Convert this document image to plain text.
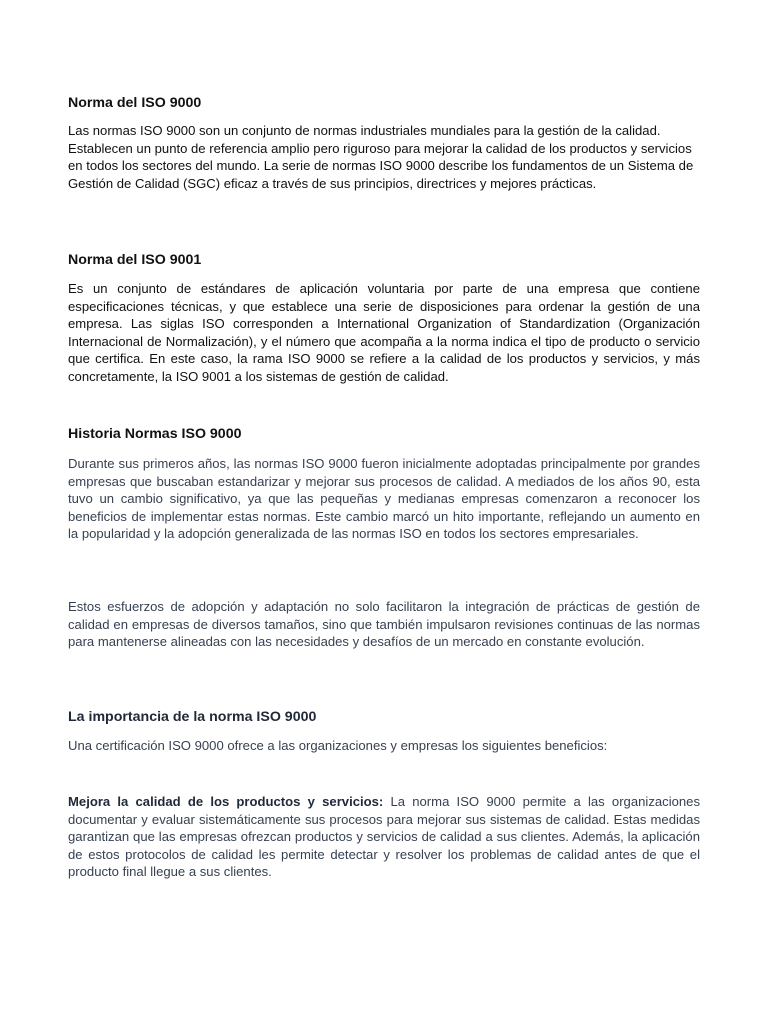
Norma del ISO 9000

Las normas ISO 9000 son un conjunto de normas industriales mundiales para la gestión de la calidad. Establecen un punto de referencia amplio pero riguroso para mejorar la calidad de los productos y servicios en todos los sectores del mundo. La serie de normas ISO 9000 describe los fundamentos de un Sistema de Gestión de Calidad (SGC) eficaz a través de sus principios, directrices y mejores prácticas.

Norma del ISO 9001

Es un conjunto de estándares de aplicación voluntaria por parte de una empresa que contiene especificaciones técnicas, y que establece una serie de disposiciones para ordenar la gestión de una empresa. Las siglas ISO corresponden a International Organization of Standardization (Organización Internacional de Normalización), y el número que acompaña a la norma indica el tipo de producto o servicio que certifica. En este caso, la rama ISO 9000 se refiere a la calidad de los productos y servicios, y más concretamente, la ISO 9001 a los sistemas de gestión de calidad.

Historia Normas ISO 9000

Durante sus primeros años, las normas ISO 9000 fueron inicialmente adoptadas principalmente por grandes empresas que buscaban estandarizar y mejorar sus procesos de calidad. A mediados de los años 90, esta tuvo un cambio significativo, ya que las pequeñas y medianas empresas comenzaron a reconocer los beneficios de implementar estas normas. Este cambio marcó un hito importante, reflejando un aumento en la popularidad y la adopción generalizada de las normas ISO en todos los sectores empresariales.

Estos esfuerzos de adopción y adaptación no solo facilitaron la integración de prácticas de gestión de calidad en empresas de diversos tamaños, sino que también impulsaron revisiones continuas de las normas para mantenerse alineadas con las necesidades y desafíos de un mercado en constante evolución.

La importancia de la norma ISO 9000

Una certificación ISO 9000 ofrece a las organizaciones y empresas los siguientes beneficios:

Mejora la calidad de los productos y servicios: La norma ISO 9000 permite a las organizaciones documentar y evaluar sistemáticamente sus procesos para mejorar sus sistemas de calidad. Estas medidas garantizan que las empresas ofrezcan productos y servicios de calidad a sus clientes. Además, la aplicación de estos protocolos de calidad les permite detectar y resolver los problemas de calidad antes de que el producto final llegue a sus clientes.
